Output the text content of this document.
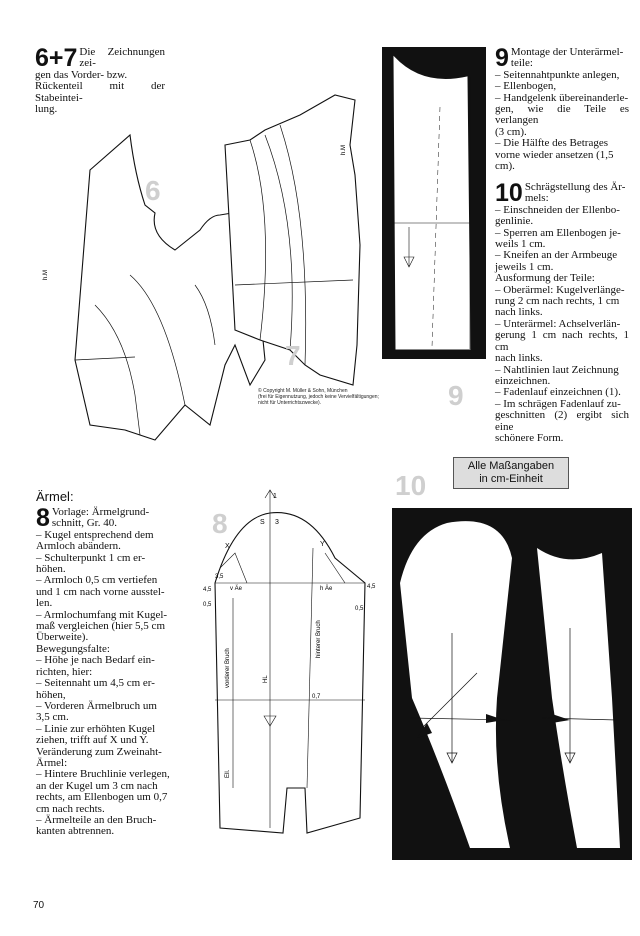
6+7 Die Zeichnungen zei-
gen das Vorder- bzw.
Rückenteil mit der Stabeintei-
lung.
h.M
h.M
6
7
© Copyright M. Müller & Sohn, München
(frei für Eigennutzung, jedoch keine Vervielfältigungen;
nicht für Unterrichtszwecke).	9
9 Montage der Unterärmel-
teile:
– Seitennahtpunkte anlegen,
– Ellenbogen,
– Handgelenk übereinanderle-
gen, wie die Teile es verlangen
(3 cm).
– Die Hälfte des Betrages
vorne wieder ansetzen (1,5
cm).
10 Schrägstellung des Är-
mels:
– Einschneiden der Ellenbo-
genlinie.
– Sperren am Ellenbogen je-
weils 1 cm.
– Kneifen an der Armbeuge
jeweils 1 cm.
Ausformung der Teile:
– Oberärmel: Kugelverlänge-
rung 2 cm nach rechts, 1 cm
nach links.
– Unterärmel: Achselverlän-
gerung 1 cm nach rechts, 1 cm
nach links.
– Nahtlinien laut Zeichnung
einzeichnen.
– Fadenlauf einzeichnen (1).
– Im schrägen Fadenlauf zu-
geschnitten (2) ergibt sich eine
schönere Form.
Alle Maßangaben
in cm-Einheit
10
Ärmel:
8 Vorlage: Ärmelgrund-
schnitt, Gr. 40.
– Kugel entsprechend dem
Armloch abändern.
– Schulterpunkt 1 cm er-
höhen.
– Armloch 0,5 cm vertiefen
und 1 cm nach vorne ausstel-
len.
– Armlochumfang mit Kugel-
maß vergleichen (hier 5,5 cm
Überweite).
Bewegungsfalte:
– Höhe je nach Bedarf ein-
richten, hier:
– Seitennaht um 4,5 cm er-
höhen,
– Vorderen Ärmelbruch um
3,5 cm.
– Linie zur erhöhten Kugel
ziehen, trifft auf X und Y.
Veränderung zum Zweinaht-
Ärmel:
– Hintere Bruchlinie verlegen,
an der Kugel um 3 cm nach
rechts, am Ellenbogen um 0,7
cm nach rechts.
– Ärmelteile an den Bruch-
kanten abtrennen.
S
1
3
X	Y
3,5
4,5	4,5
0,5
0,5
v Äe	h Äe
0,7
vorderer Bruch
hinterer Bruch
HL
Ell.
8
70
